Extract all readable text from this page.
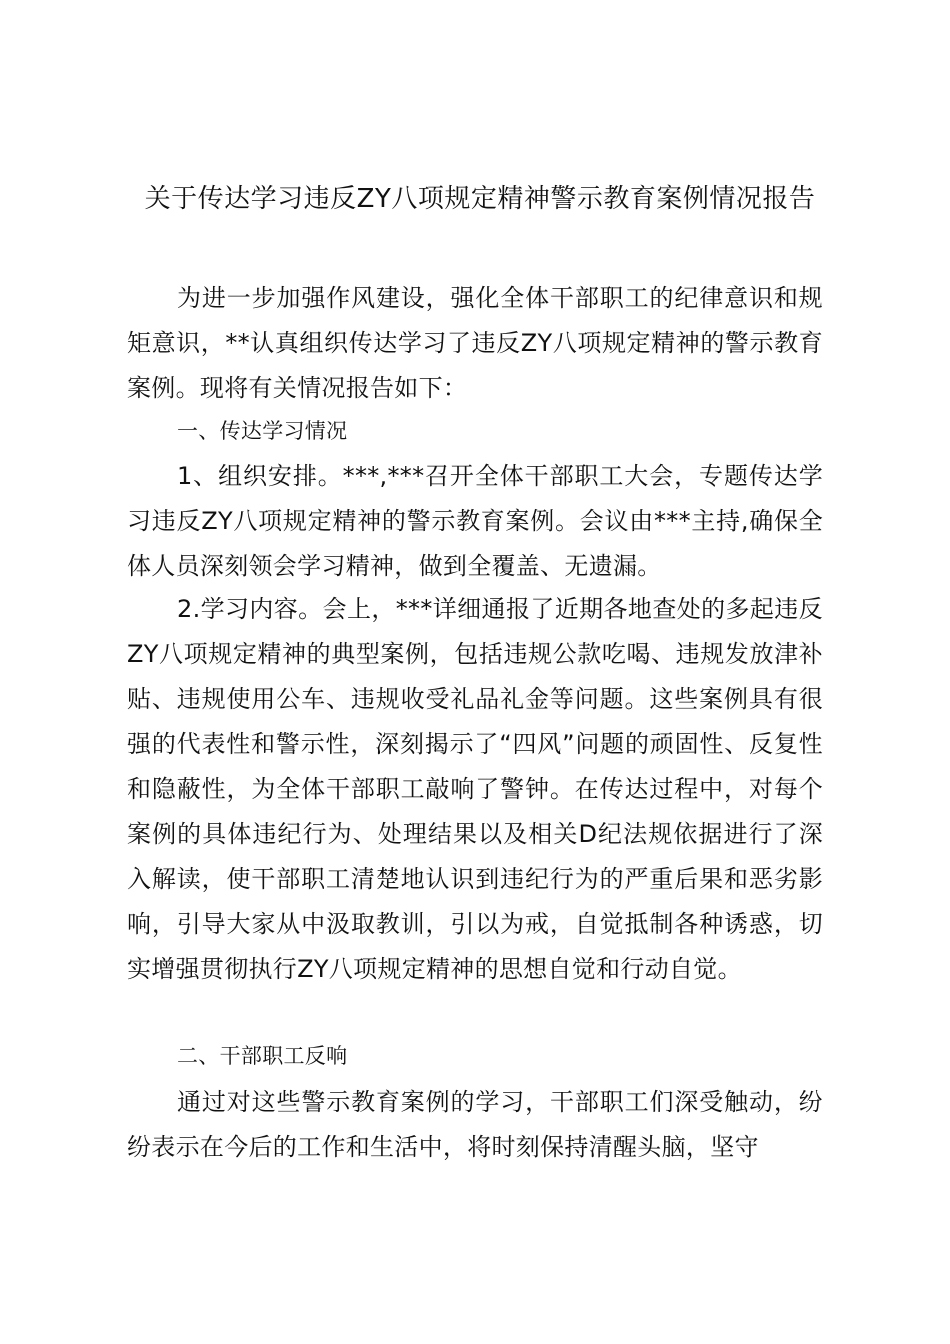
关于传达学习违反ZY八项规定精神警示教育案例情况报告

为进一步加强作风建设，强化全体干部职工的纪律意识和规矩意识，**认真组织传达学习了违反ZY八项规定精神的警示教育案例。现将有关情况报告如下：

一、传达学习情况

1、组织安排。***,***召开全体干部职工大会，专题传达学习违反ZY八项规定精神的警示教育案例。会议由***主持,确保全体人员深刻领会学习精神，做到全覆盖、无遗漏。

2.学习内容。会上，***详细通报了近期各地查处的多起违反ZY八项规定精神的典型案例，包括违规公款吃喝、违规发放津补贴、违规使用公车、违规收受礼品礼金等问题。这些案例具有很强的代表性和警示性，深刻揭示了“四风”问题的顽固性、反复性和隐蔽性，为全体干部职工敲响了警钟。在传达过程中，对每个案例的具体违纪行为、处理结果以及相关D纪法规依据进行了深入解读，使干部职工清楚地认识到违纪行为的严重后果和恶劣影响，引导大家从中汲取教训，引以为戒，自觉抵制各种诱惑，切实增强贯彻执行ZY八项规定精神的思想自觉和行动自觉。

二、干部职工反响

通过对这些警示教育案例的学习，干部职工们深受触动，纷纷表示在今后的工作和生活中，将时刻保持清醒头脑，坚守
